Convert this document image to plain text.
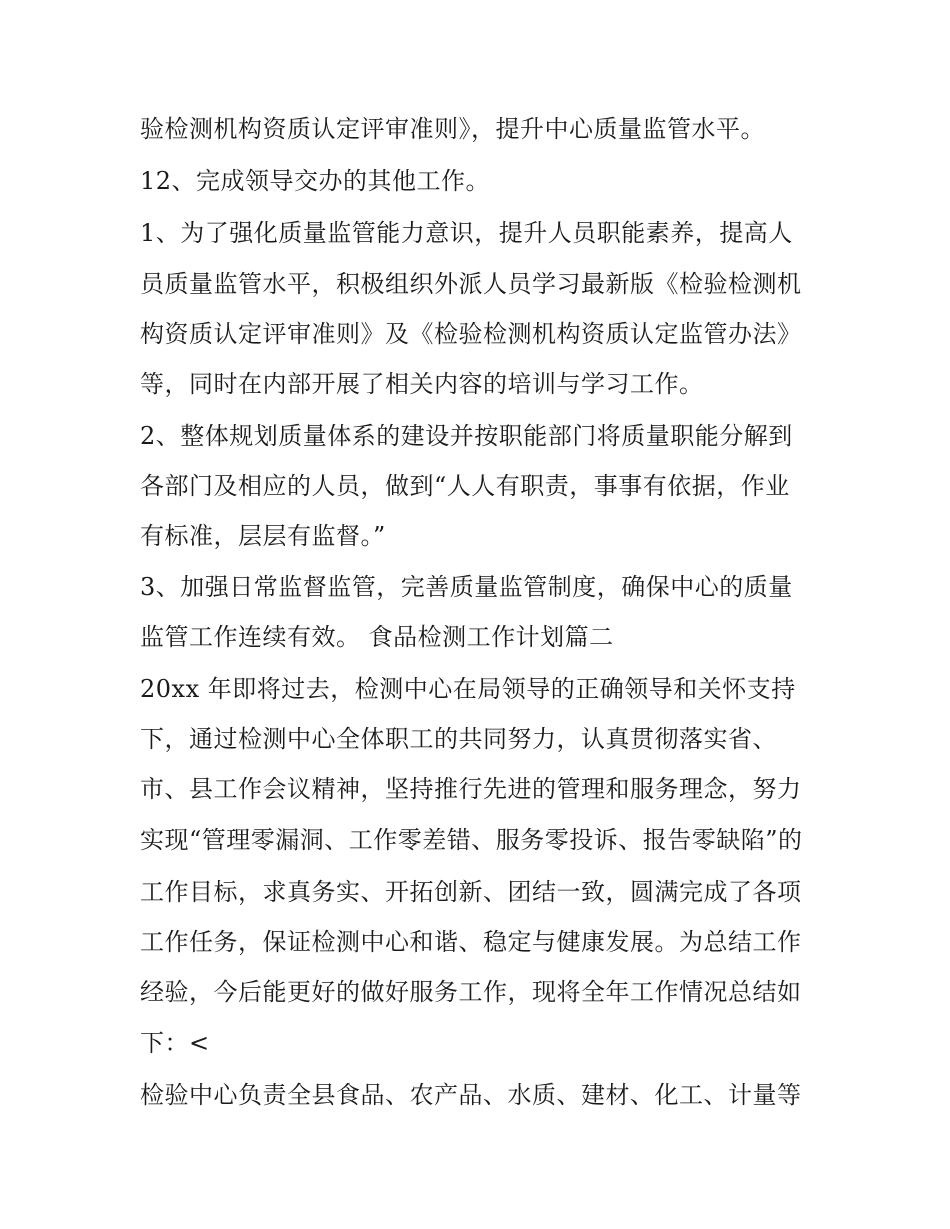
验检测机构资质认定评审准则》，提升中心质量监管水平。
12、完成领导交办的其他工作。
1、为了强化质量监管能力意识，提升人员职能素养，提高人
员质量监管水平，积极组织外派人员学习最新版《检验检测机
构资质认定评审准则》及《检验检测机构资质认定监管办法》
等，同时在内部开展了相关内容的培训与学习工作。
2、整体规划质量体系的建设并按职能部门将质量职能分解到
各部门及相应的人员，做到“人人有职责，事事有依据，作业
有标准，层层有监督。”
3、加强日常监督监管，完善质量监管制度，确保中心的质量
监管工作连续有效。 食品检测工作计划篇二
20xx 年即将过去，检测中心在局领导的正确领导和关怀支持
下，通过检测中心全体职工的共同努力，认真贯彻落实省、
市、县工作会议精神，坚持推行先进的管理和服务理念，努力
实现“管理零漏洞、工作零差错、服务零投诉、报告零缺陷”的
工作目标，求真务实、开拓创新、团结一致，圆满完成了各项
工作任务，保证检测中心和谐、稳定与健康发展。为总结工作
经验，今后能更好的做好服务工作，现将全年工作情况总结如
下：<
检验中心负责全县食品、农产品、水质、建材、化工、计量等
